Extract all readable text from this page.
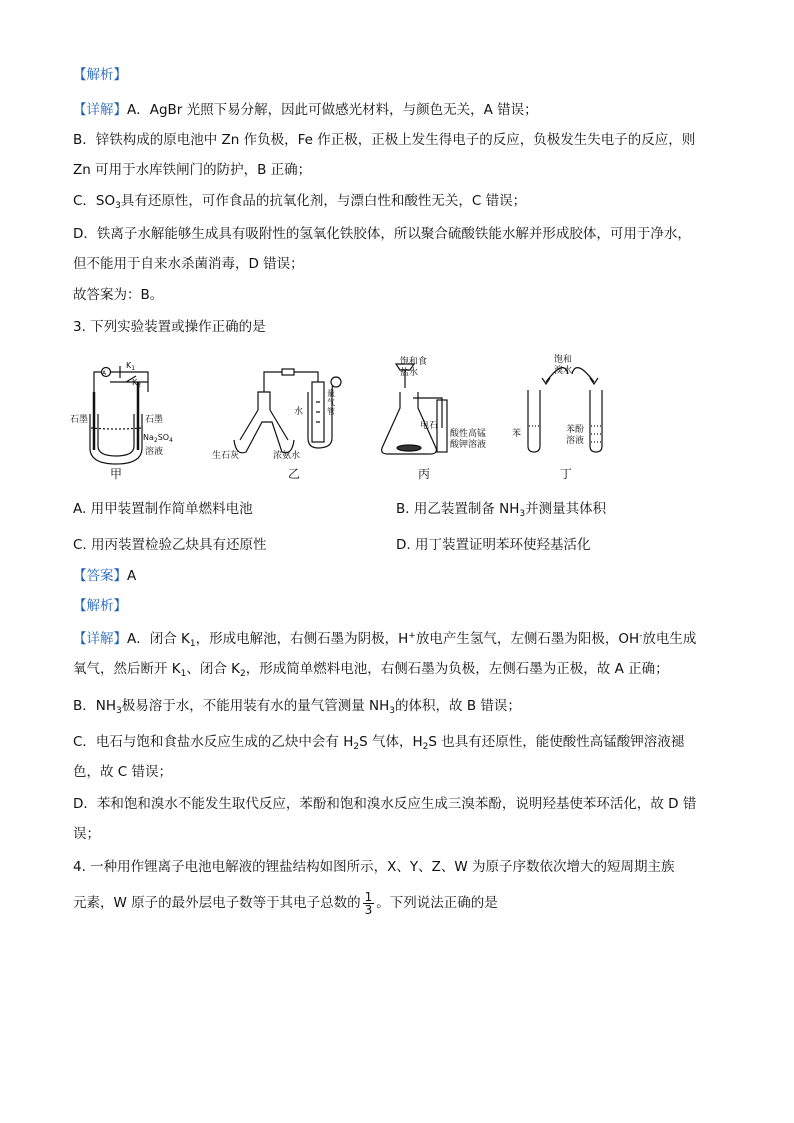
【解析】
【详解】A．AgBr 光照下易分解，因此可做感光材料，与颜色无关，A 错误；
B．锌铁构成的原电池中 Zn 作负极，Fe 作正极，正极上发生得电子的反应，负极发生失电子的反应，则
Zn 可用于水库铁闸门的防护，B 正确；
C．$SO_3$具有还原性，可作食品的抗氧化剂，与漂白性和酸性无关，C 错误；
D．铁离子水解能够生成具有吸附性的氢氧化铁胶体，所以聚合硫酸铁能水解并形成胶体，可用于净水，
但不能用于自来水杀菌消毒，D 错误；
故答案为：B。
3. 下列实验装置或操作正确的是
A
$K_1$
$K_2$
石墨	石墨
$Na_2SO_4$
溶液
甲
生石灰	浓氨水
水
量
气
管
乙
饱和食
盐水
电石
酸性高锰
酸钾溶液
丙
饱和
溴水
苯	苯酚
溶液
丁
A. 用甲装置制作简单燃料电池	B. 用乙装置制备 $NH_3$并测量其体积
C. 用丙装置检验乙炔具有还原性	D. 用丁装置证明苯环使羟基活化
【答案】A
【解析】
【详解】A．闭合 $K_1$，形成电解池，右侧石墨为阴极，H+放电产生氢气，左侧石墨为阳极，OH-放电生成
氧气，然后断开 $K_1$、闭合 $K_2$，形成简单燃料电池，右侧石墨为负极，左侧石墨为正极，故 A 正确；
B．$NH_3$极易溶于水，不能用装有水的量气管测量 $NH_3$的体积，故 B 错误；
C．电石与饱和食盐水反应生成的乙炔中会有 $H_2S$ 气体，$H_2S$ 也具有还原性，能使酸性高锰酸钾溶液褪
色，故 C 错误；
D．苯和饱和溴水不能发生取代反应，苯酚和饱和溴水反应生成三溴苯酚，说明羟基使苯环活化，故 D 错
误；
4. 一种用作锂离子电池电解液的锂盐结构如图所示，X、Y、Z、W 为原子序数依次增大的短周期主族
元素，W 原子的最外层电子数等于其电子总数的 $\frac{1}{3}$ 。下列说法正确的是
